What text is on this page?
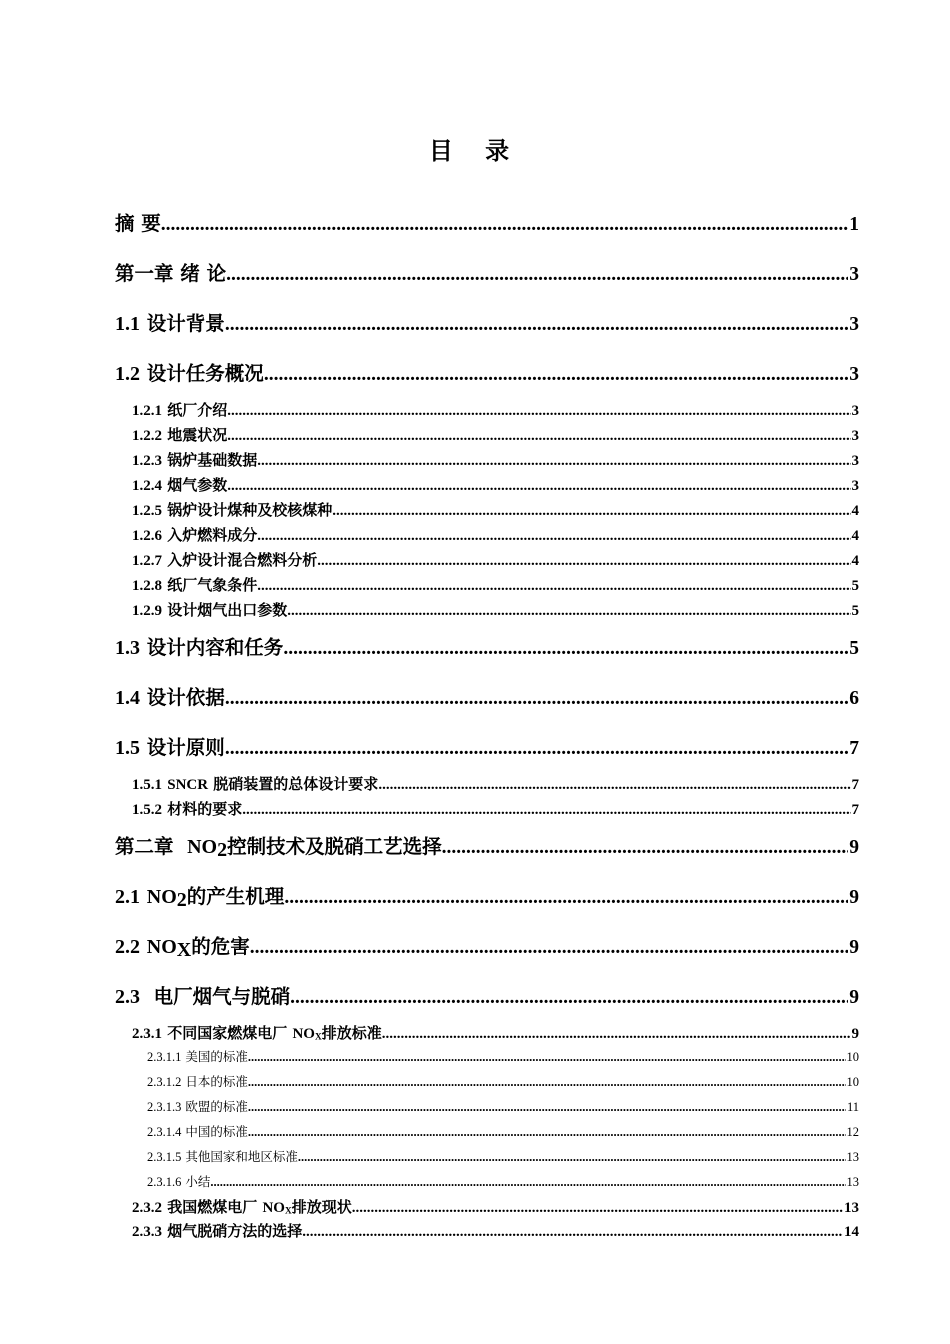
目 录
摘 要 .....	1
第一章 绪 论 .....	3
1.1 设计背景 .....	3
1.2 设计任务概况 .....	3
1.2.1 纸厂介绍 .....	3
1.2.2 地震状况 .....	3
1.2.3 锅炉基础数据 .....	3
1.2.4 烟气参数 .....	3
1.2.5 锅炉设计煤种及校核煤种 .....	4
1.2.6 入炉燃料成分 .....	4
1.2.7 入炉设计混合燃料分析 .....	4
1.2.8 纸厂气象条件 .....	5
1.2.9 设计烟气出口参数 .....	5
1.3 设计内容和任务 .....	5
1.4 设计依据 .....	6
1.5 设计原则 .....	7
1.5.1 SNCR 脱硝装置的总体设计要求 .....	7
1.5.2 材料的要求 .....	7
第二章  $NO_2$控制技术及脱硝工艺选择 .....	9
2.1 $NO_2$的产生机理 .....	9
2.2 $NO_X$的危害 .....	9
2.3  电厂烟气与脱硝 .....	9
2.3.1 不同国家燃煤电厂 $NO_X$排放标准 .....	9
2.3.1.1 美国的标准 .....	10
2.3.1.2 日本的标准 .....	10
2.3.1.3 欧盟的标准 .....	11
2.3.1.4 中国的标准 .....	12
2.3.1.5 其他国家和地区标准 .....	13
2.3.1.6 小结 .....	13
2.3.2 我国燃煤电厂 $NO_X$排放现状 .....	13
2.3.3 烟气脱硝方法的选择 .....	14
